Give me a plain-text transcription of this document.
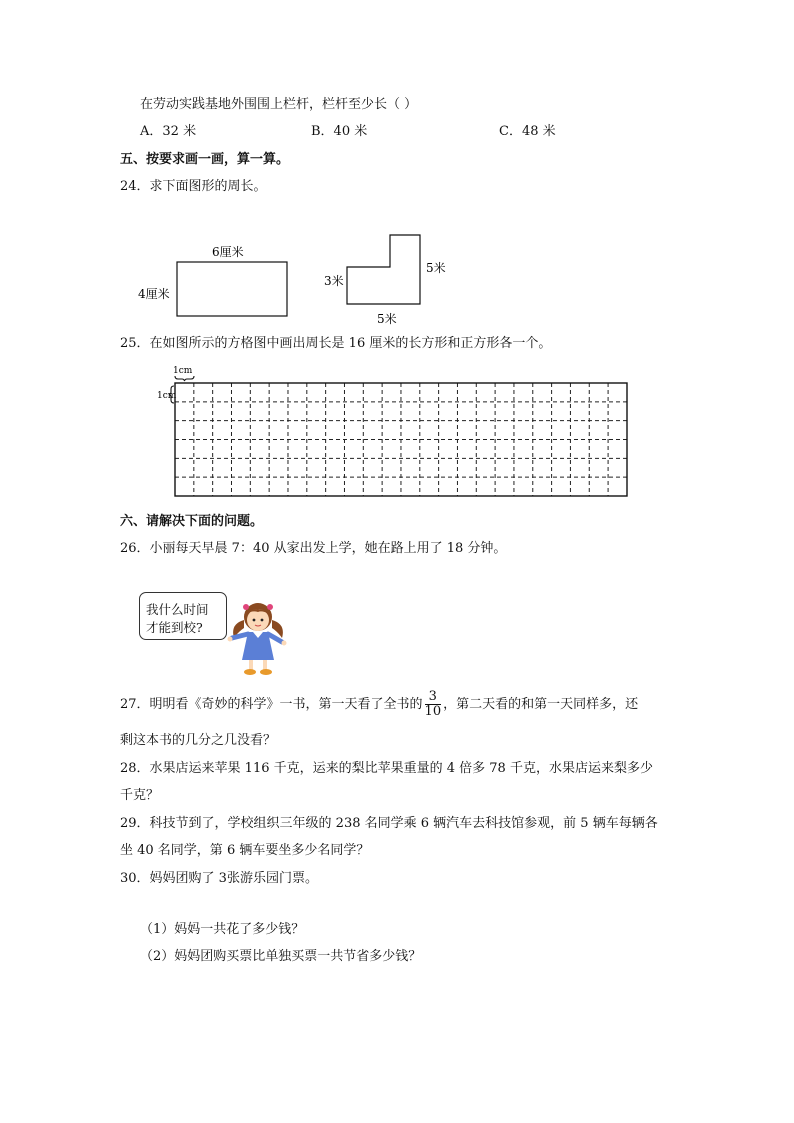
在劳动实践基地外围围上栏杆，栏杆至少长（ ）
A．32 米	B．40 米	C．48 米
五、按要求画一画，算一算。
24．求下面图形的周长。
6厘米
4厘米
3米
5米
5米
25．在如图所示的方格图中画出周长是 16 厘米的长方形和正方形各一个。
1cm
1cm
六、请解决下面的问题。
26．小丽每天早晨 7：40 从家出发上学，她在路上用了 18 分钟。
我什么时间
才能到校?
27．明明看《奇妙的科学》一书，第一天看了全书的 $\frac{3}{10}$ ，第二天看的和第一天同样多，还
剩这本书的几分之几没看？
28．水果店运来苹果 116 千克，运来的梨比苹果重量的 4 倍多 78 千克，水果店运来梨多少
千克？
29．科技节到了，学校组织三年级的 238 名同学乘 6 辆汽车去科技馆参观，前 5 辆车每辆各
坐 40 名同学，第 6 辆车要坐多少名同学？
30．妈妈团购了 3张游乐园门票。
（1）妈妈一共花了多少钱？
（2）妈妈团购买票比单独买票一共节省多少钱？
